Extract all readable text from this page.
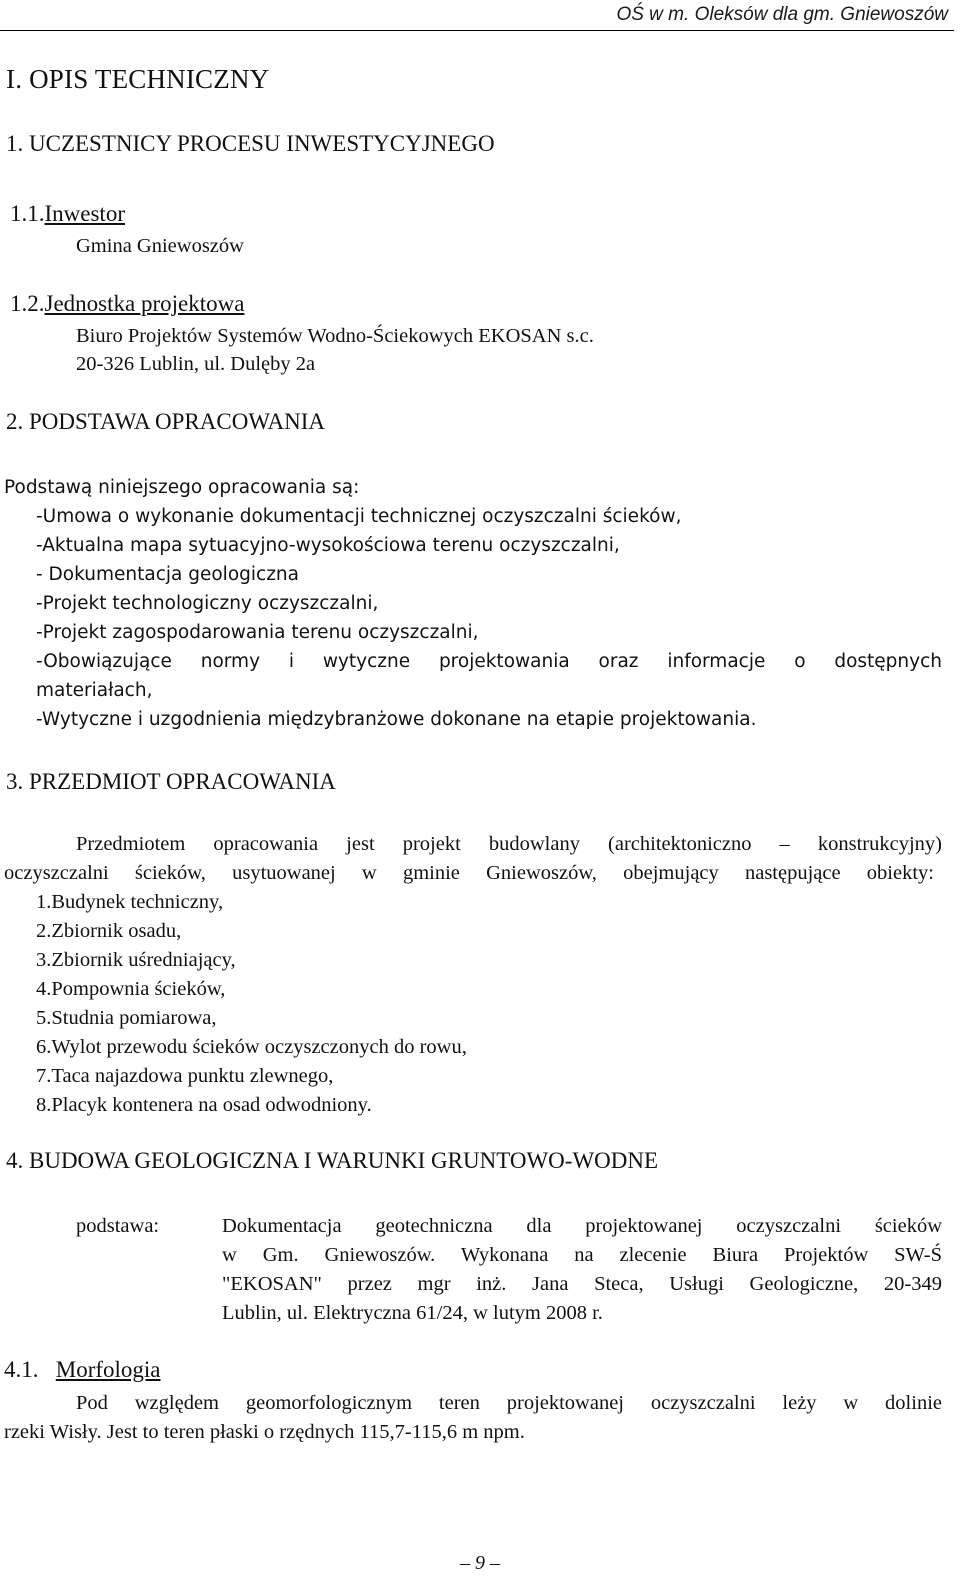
OŚ w m. Oleksów dla gm. Gniewoszów
I. OPIS TECHNICZNY
1. UCZESTNICY PROCESU INWESTYCYJNEGO
1.1.Inwestor
Gmina Gniewoszów
1.2.Jednostka projektowa
Biuro Projektów Systemów Wodno-Ściekowych EKOSAN s.c.
20-326 Lublin, ul. Dulęby 2a
2. PODSTAWA OPRACOWANIA
Podstawą niniejszego opracowania są:
-Umowa o wykonanie dokumentacji technicznej oczyszczalni ścieków,
-Aktualna mapa sytuacyjno-wysokościowa terenu oczyszczalni,
- Dokumentacja geologiczna
-Projekt technologiczny oczyszczalni,
-Projekt zagospodarowania terenu oczyszczalni,
-Obowiązujące normy i wytyczne projektowania oraz informacje o dostępnych
materiałach,
-Wytyczne i uzgodnienia międzybranżowe dokonane na etapie projektowania.
3. PRZEDMIOT OPRACOWANIA
Przedmiotem opracowania jest projekt budowlany (architektoniczno – konstrukcyjny)
oczyszczalni ścieków, usytuowanej w gminie Gniewoszów, obejmujący następujące obiekty:
1.Budynek techniczny,
2.Zbiornik osadu,
3.Zbiornik uśredniający,
4.Pompownia ścieków,
5.Studnia pomiarowa,
6.Wylot przewodu ścieków oczyszczonych do rowu,
7.Taca najazdowa punktu zlewnego,
8.Placyk kontenera na osad odwodniony.
4. BUDOWA GEOLOGICZNA I WARUNKI GRUNTOWO-WODNE
podstawa:	Dokumentacja geotechniczna dla projektowanej oczyszczalni ścieków
w Gm. Gniewoszów. Wykonana na zlecenie Biura Projektów SW-Ś
"EKOSAN" przez mgr inż. Jana Steca, Usługi Geologiczne, 20-349
Lublin, ul. Elektryczna 61/24, w lutym 2008 r.
4.1. Morfologia
Pod względem geomorfologicznym teren projektowanej oczyszczalni leży w dolinie
rzeki Wisły. Jest to teren płaski o rzędnych 115,7-115,6 m npm.
– 9 –
